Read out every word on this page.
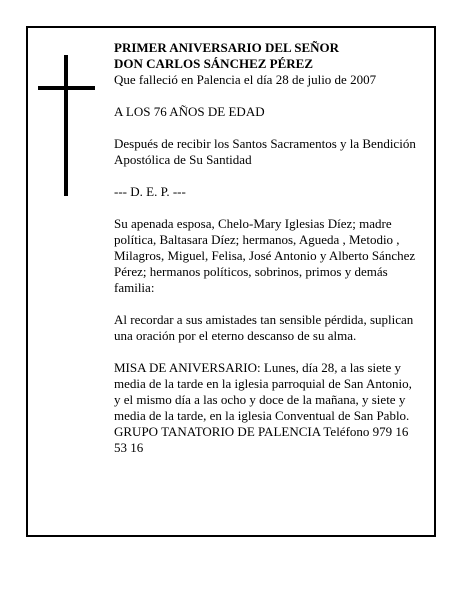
PRIMER ANIVERSARIO DEL SEÑOR

DON CARLOS SÁNCHEZ PÉREZ

Que falleció en Palencia el día 28 de julio de 2007

A LOS 76 AÑOS DE EDAD

Después de recibir los Santos Sacramentos y la Bendición Apostólica de Su Santidad

--- D. E. P. ---

Su apenada esposa, Chelo-Mary Iglesias Díez; madre política, Baltasara Díez; hermanos, Agueda , Metodio , Milagros, Miguel, Felisa, José Antonio y Alberto Sánchez Pérez; hermanos políticos, sobrinos, primos y demás familia:

Al recordar a sus amistades tan sensible pérdida, suplican una oración por el eterno descanso de su alma.

MISA DE ANIVERSARIO: Lunes, día 28, a las siete y media de la tarde en la iglesia parroquial de San Antonio, y el mismo día a las ocho y doce de la mañana, y siete y media de la tarde, en la iglesia Conventual de San Pablo.

GRUPO TANATORIO DE PALENCIA Teléfono 979 16 53 16
